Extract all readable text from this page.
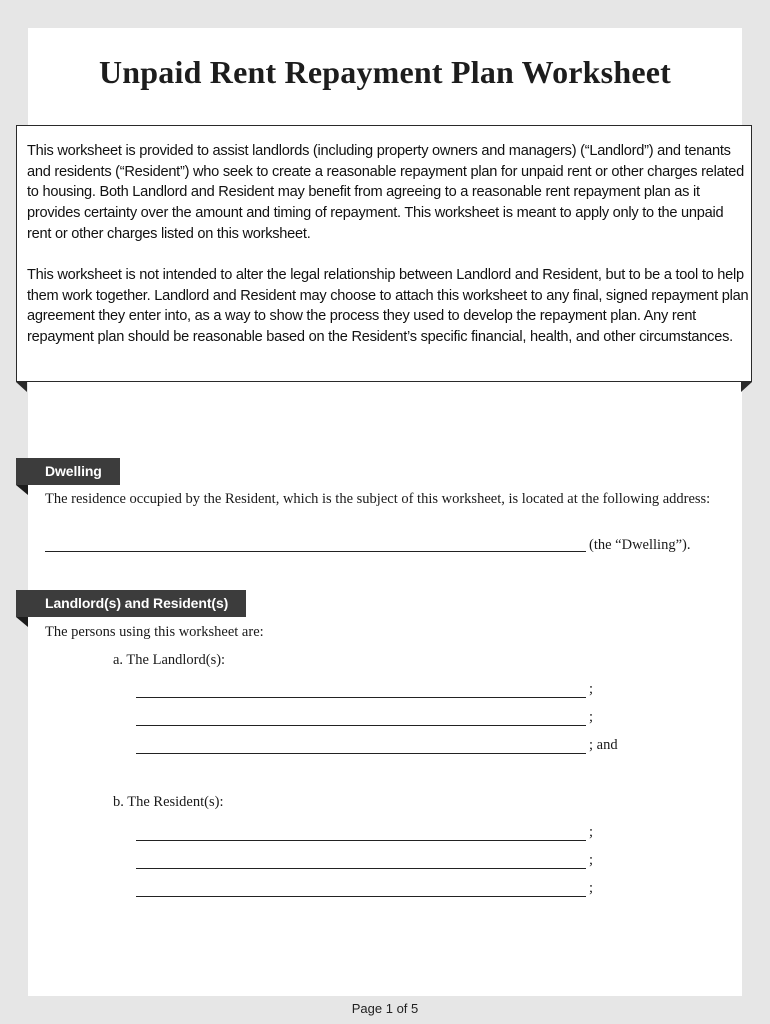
Unpaid Rent Repayment Plan Worksheet

This worksheet is provided to assist landlords (including property owners and managers) (“Landlord”) and tenants and residents (“Resident”) who seek to create a reasonable repayment plan for unpaid rent or other charges related to housing. Both Landlord and Resident may benefit from agreeing to a reasonable rent repayment plan as it provides certainty over the amount and timing of repayment. This worksheet is meant to apply only to the unpaid rent or other charges listed on this worksheet.

This worksheet is not intended to alter the legal relationship between Landlord and Resident, but to be a tool to help them work together. Landlord and Resident may choose to attach this worksheet to any final, signed repayment plan agreement they enter into, as a way to show the process they used to develop the repayment plan. Any rent repayment plan should be reasonable based on the Resident’s specific financial, health, and other circumstances.

Dwelling

The residence occupied by the Resident, which is the subject of this worksheet, is located at the following address:

(the “Dwelling”).
Landlord(s) and Resident(s)

The persons using this worksheet are:

a. The Landlord(s):
;
;
; and
b. The Resident(s):
;
;
;
Page 1 of 5
